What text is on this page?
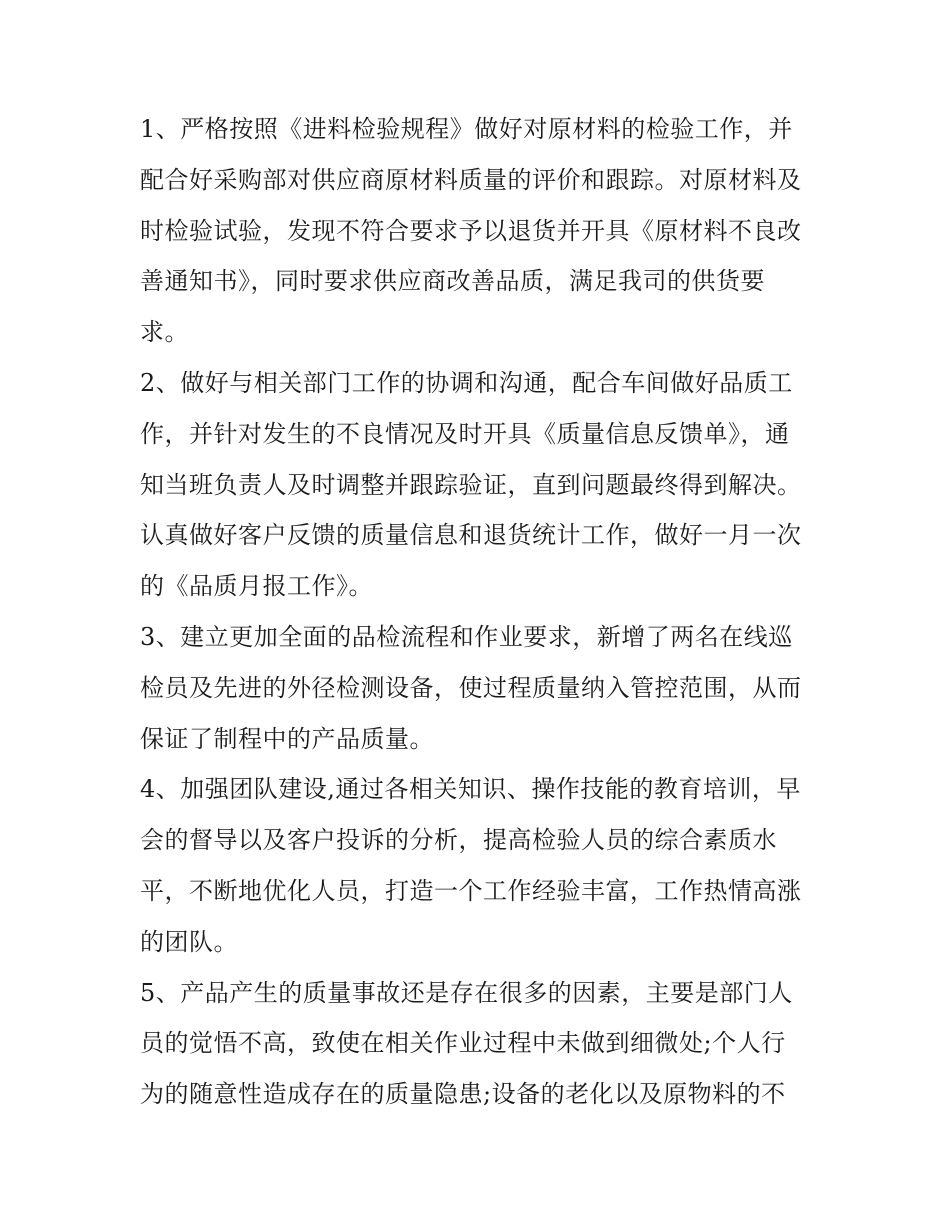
1、严格按照《进料检验规程》做好对原材料的检验工作，并
配合好采购部对供应商原材料质量的评价和跟踪。对原材料及
时检验试验，发现不符合要求予以退货并开具《原材料不良改
善通知书》，同时要求供应商改善品质，满足我司的供货要
求。
2、做好与相关部门工作的协调和沟通，配合车间做好品质工
作，并针对发生的不良情况及时开具《质量信息反馈单》，通
知当班负责人及时调整并跟踪验证，直到问题最终得到解决。
认真做好客户反馈的质量信息和退货统计工作，做好一月一次
的《品质月报工作》。
3、建立更加全面的品检流程和作业要求，新增了两名在线巡
检员及先进的外径检测设备，使过程质量纳入管控范围，从而
保证了制程中的产品质量。
4、加强团队建设,通过各相关知识、操作技能的教育培训，早
会的督导以及客户投诉的分析，提高检验人员的综合素质水
平，不断地优化人员，打造一个工作经验丰富，工作热情高涨
的团队。
5、产品产生的质量事故还是存在很多的因素，主要是部门人
员的觉悟不高，致使在相关作业过程中未做到细微处;个人行
为的随意性造成存在的质量隐患;设备的老化以及原物料的不
